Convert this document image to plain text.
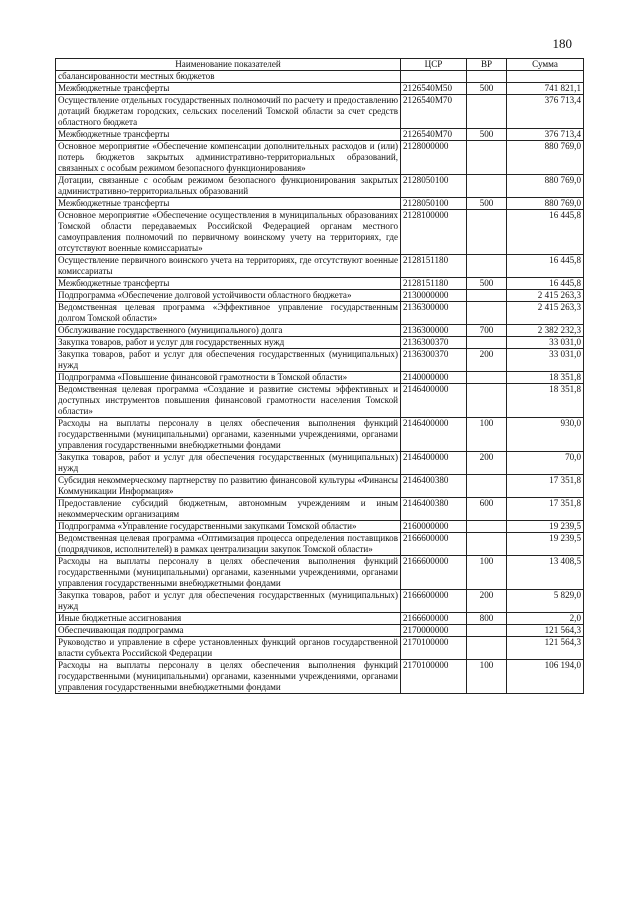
180
Наименование показателей	ЦСР	ВР	Сумма
сбалансированности местных бюджетов			
Межбюджетные трансферты	2126540M50	500	741 821,1
Осуществление отдельных государственных полномочий по расчету и предоставлению дотаций бюджетам городских, сельских поселений Томской области за счет средств областного бюджета	2126540M70		376 713,4
Межбюджетные трансферты	2126540M70	500	376 713,4
Основное мероприятие «Обеспечение компенсации дополнительных расходов и (или) потерь бюджетов закрытых административно-территориальных образований, связанных с особым режимом безопасного функционирования»	2128000000		880 769,0
Дотации, связанные с особым режимом безопасного функционирования закрытых административно-территориальных образований	2128050100		880 769,0
Межбюджетные трансферты	2128050100	500	880 769,0
Основное мероприятие «Обеспечение осуществления в муниципальных образованиях Томской области передаваемых Российской Федерацией органам местного самоуправления полномочий по первичному воинскому учету на территориях, где отсутствуют военные комиссариаты»	2128100000		16 445,8
Осуществление первичного воинского учета на территориях, где отсутствуют военные комиссариаты	2128151180		16 445,8
Межбюджетные трансферты	2128151180	500	16 445,8
Подпрограмма «Обеспечение долговой устойчивости областного бюджета»	2130000000		2 415 263,3
Ведомственная целевая программа «Эффективное управление государственным долгом Томской области»	2136300000		2 415 263,3
Обслуживание государственного (муниципального) долга	2136300000	700	2 382 232,3
Закупка товаров, работ и услуг для государственных нужд	2136300370		33 031,0
Закупка товаров, работ и услуг для обеспечения государственных (муниципальных) нужд	2136300370	200	33 031,0
Подпрограмма «Повышение финансовой грамотности в Томской области»	2140000000		18 351,8
Ведомственная целевая программа «Создание и развитие системы эффективных и доступных инструментов повышения финансовой грамотности населения Томской области»	2146400000		18 351,8
Расходы на выплаты персоналу в целях обеспечения выполнения функций государственными (муниципальными) органами, казенными учреждениями, органами управления государственными внебюджетными фондами	2146400000	100	930,0
Закупка товаров, работ и услуг для обеспечения государственных (муниципальных) нужд	2146400000	200	70,0
Субсидия некоммерческому партнерству по развитию финансовой культуры «Финансы Коммуникации Информация»	2146400380		17 351,8
Предоставление субсидий бюджетным, автономным учреждениям и иным некоммерческим организациям	2146400380	600	17 351,8
Подпрограмма «Управление государственными закупками Томской области»	2160000000		19 239,5
Ведомственная целевая программа «Оптимизация процесса определения поставщиков (подрядчиков, исполнителей) в рамках централизации закупок Томской области»	2166600000		19 239,5
Расходы на выплаты персоналу в целях обеспечения выполнения функций государственными (муниципальными) органами, казенными учреждениями, органами управления государственными внебюджетными фондами	2166600000	100	13 408,5
Закупка товаров, работ и услуг для обеспечения государственных (муниципальных) нужд	2166600000	200	5 829,0
Иные бюджетные ассигнования	2166600000	800	2,0
Обеспечивающая подпрограмма	2170000000		121 564,3
Руководство и управление в сфере установленных функций органов государственной власти субъекта Российской Федерации	2170100000		121 564,3
Расходы на выплаты персоналу в целях обеспечения выполнения функций государственными (муниципальными) органами, казенными учреждениями, органами управления государственными внебюджетными фондами	2170100000	100	106 194,0
